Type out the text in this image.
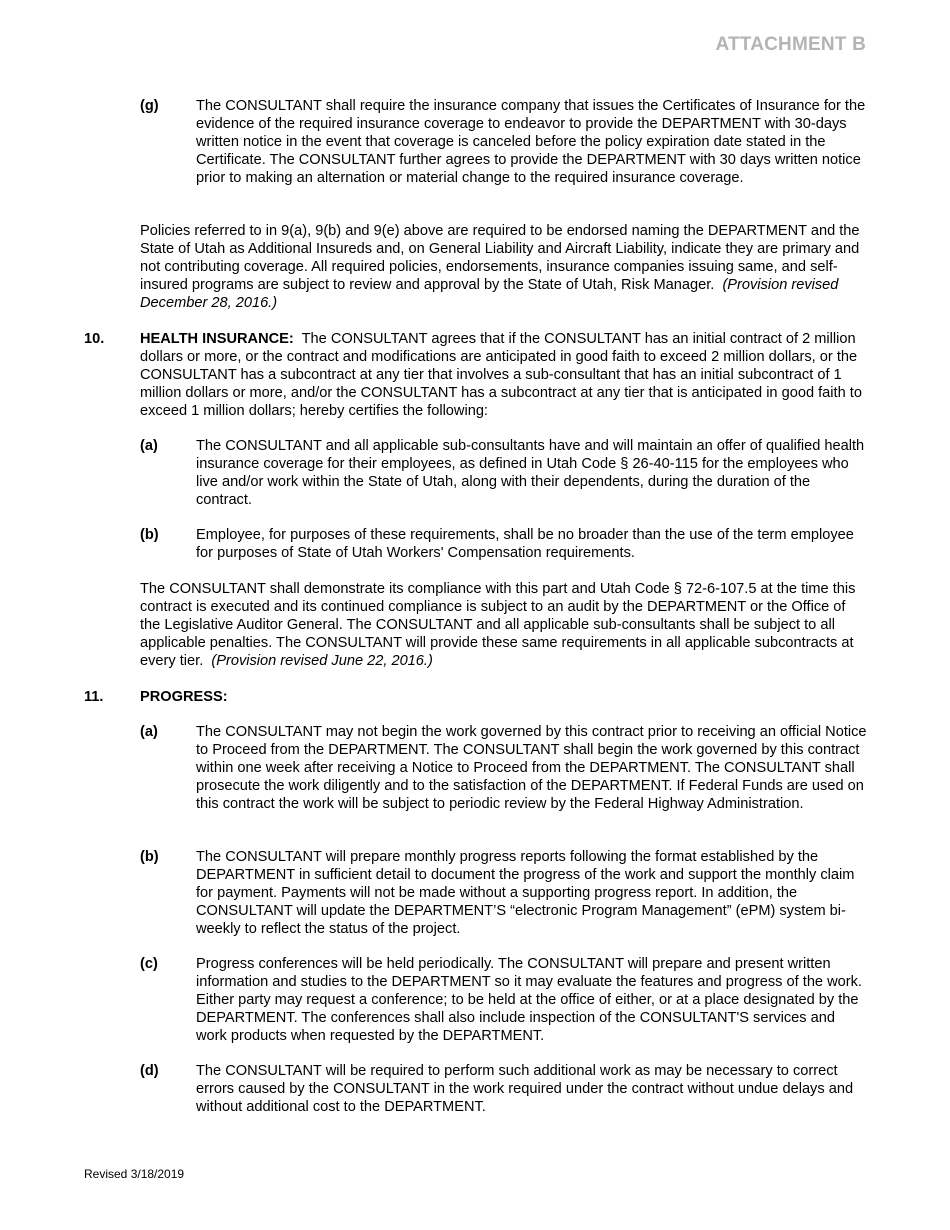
ATTACHMENT B
(g)	The CONSULTANT shall require the insurance company that issues the Certificates of Insurance for the evidence of the required insurance coverage to endeavor to provide the DEPARTMENT with 30-days written notice in the event that coverage is canceled before the policy expiration date stated in the Certificate. The CONSULTANT further agrees to provide the DEPARTMENT with 30 days written notice prior to making an alternation or material change to the required insurance coverage.
Policies referred to in 9(a), 9(b) and 9(e) above are required to be endorsed naming the DEPARTMENT and the State of Utah as Additional Insureds and, on General Liability and Aircraft Liability, indicate they are primary and not contributing coverage. All required policies, endorsements, insurance companies issuing same, and self-insured programs are subject to review and approval by the State of Utah, Risk Manager. (Provision revised December 28, 2016.)
10. HEALTH INSURANCE: The CONSULTANT agrees that if the CONSULTANT has an initial contract of 2 million dollars or more, or the contract and modifications are anticipated in good faith to exceed 2 million dollars, or the CONSULTANT has a subcontract at any tier that involves a sub-consultant that has an initial subcontract of 1 million dollars or more, and/or the CONSULTANT has a subcontract at any tier that is anticipated in good faith to exceed 1 million dollars; hereby certifies the following:
(a)	The CONSULTANT and all applicable sub-consultants have and will maintain an offer of qualified health insurance coverage for their employees, as defined in Utah Code § 26-40-115 for the employees who live and/or work within the State of Utah, along with their dependents, during the duration of the contract.
(b)	Employee, for purposes of these requirements, shall be no broader than the use of the term employee for purposes of State of Utah Workers' Compensation requirements.
The CONSULTANT shall demonstrate its compliance with this part and Utah Code § 72-6-107.5 at the time this contract is executed and its continued compliance is subject to an audit by the DEPARTMENT or the Office of the Legislative Auditor General. The CONSULTANT and all applicable sub-consultants shall be subject to all applicable penalties. The CONSULTANT will provide these same requirements in all applicable subcontracts at every tier. (Provision revised June 22, 2016.)
11.	PROGRESS:
(a)	The CONSULTANT may not begin the work governed by this contract prior to receiving an official Notice to Proceed from the DEPARTMENT. The CONSULTANT shall begin the work governed by this contract within one week after receiving a Notice to Proceed from the DEPARTMENT. The CONSULTANT shall prosecute the work diligently and to the satisfaction of the DEPARTMENT. If Federal Funds are used on this contract the work will be subject to periodic review by the Federal Highway Administration.
(b)	The CONSULTANT will prepare monthly progress reports following the format established by the DEPARTMENT in sufficient detail to document the progress of the work and support the monthly claim for payment. Payments will not be made without a supporting progress report. In addition, the CONSULTANT will update the DEPARTMENT’S “electronic Program Management” (ePM) system bi-weekly to reflect the status of the project.
(c)	Progress conferences will be held periodically. The CONSULTANT will prepare and present written information and studies to the DEPARTMENT so it may evaluate the features and progress of the work. Either party may request a conference; to be held at the office of either, or at a place designated by the DEPARTMENT. The conferences shall also include inspection of the CONSULTANT'S services and work products when requested by the DEPARTMENT.
(d)	The CONSULTANT will be required to perform such additional work as may be necessary to correct errors caused by the CONSULTANT in the work required under the contract without undue delays and without additional cost to the DEPARTMENT.
Revised 3/18/2019
